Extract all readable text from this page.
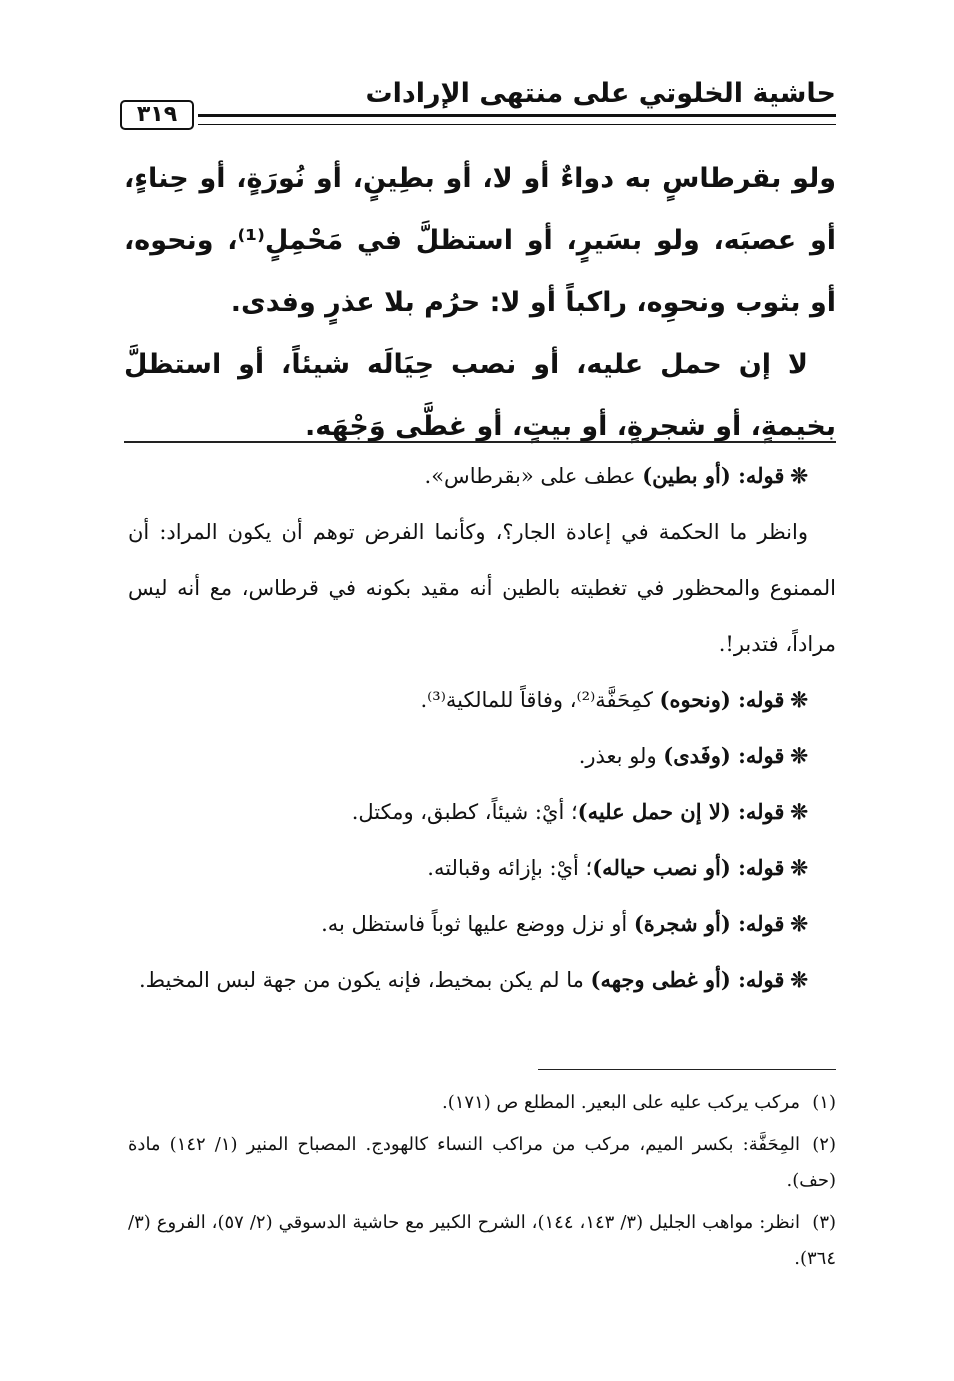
حاشية الخلوتي على منتهى الإرادات
٣١٩

ولو بقرطاسٍ به دواءٌ أو لا، أو بطِينٍ، أو نُورَةٍ، أو حِناءٍ، أو عصبَه، ولو بسَيرٍ، أو استظلَّ في مَحْمِلٍ⁽¹⁾، ونحوه، أو بثوب ونحوِه، راكباً أو لا: حرُم بلا عذرٍ وفدى.

لا إن حمل عليه، أو نصب حِيَالَه شيئاً، أو استظلَّ بخيمةٍ، أو شجرةٍ، أو بيتٍ، أو غطَّى وَجْهَه.

❊قوله: (أو بطين) عطف على «بقرطاس».

وانظر ما الحكمة في إعادة الجار؟، وكأنما الفرض توهم أن يكون المراد: أن الممنوع والمحظور في تغطيته بالطين أنه مقيد بكونه في قرطاس، مع أنه ليس مراداً، فتدبر!.

❊قوله: (ونحوه) كمِحَفَّة⁽²⁾، وفاقاً للمالكية⁽³⁾.

❊قوله: (وفَدى) ولو بعذر.

❊قوله: (لا إن حمل عليه)؛ أيْ: شيئاً، كطبق، ومكتل.

❊قوله: (أو نصب حياله)؛ أيْ: بإزائه وقبالته.

❊قوله: (أو شجرة) أو نزل ووضع عليها ثوباً فاستظل به.

❊قوله: (أو غطى وجهه) ما لم يكن بمخيط، فإنه يكون من جهة لبس المخيط.

(١)مركب يركب عليه على البعير. المطلع ص (١٧١).

(٢)المِحَفَّة: بكسر الميم، مركب من مراكب النساء كالهودج. المصباح المنير (١/ ١٤٢) مادة (حف).

(٣)انظر: مواهب الجليل (٣/ ١٤٣، ١٤٤)، الشرح الكبير مع حاشية الدسوقي (٢/ ٥٧)، الفروع (٣/ ٣٦٤).
